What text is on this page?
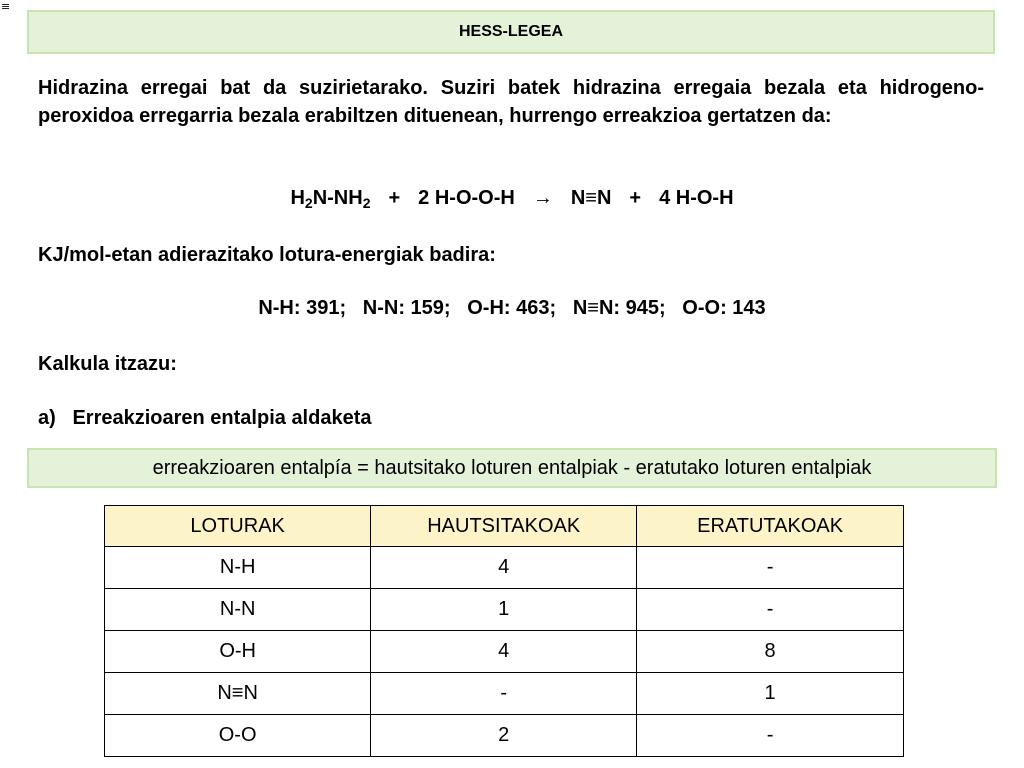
≡
HESS-LEGEA

Hidrazina erregai bat da suzirietarako. Suziri batek hidrazina erregaia bezala eta hidrogeno-peroxidoa erregarria bezala erabiltzen dituenean, hurrengo erreakzioa gertatzen da:

$H_2N-NH_2 + 2$ H-O-O-H → N≡N + 4 H-O-H
KJ/mol-etan adierazitako lotura-energiak badira:
N-H: 391;   N-N: 159;   O-H: 463;   N≡N: 945;   O-O: 143
Kalkula itzazu:
a)   Erreakzioaren entalpia aldaketa
erreakzioaren entalpía = hautsitako loturen entalpiak - eratutako loturen entalpiak
LOTURAK	HAUTSITAKOAK	ERATUTAKOAK
N-H	4	-
N-N	1	-
O-H	4	8
N≡N	-	1
O-O	2	-
